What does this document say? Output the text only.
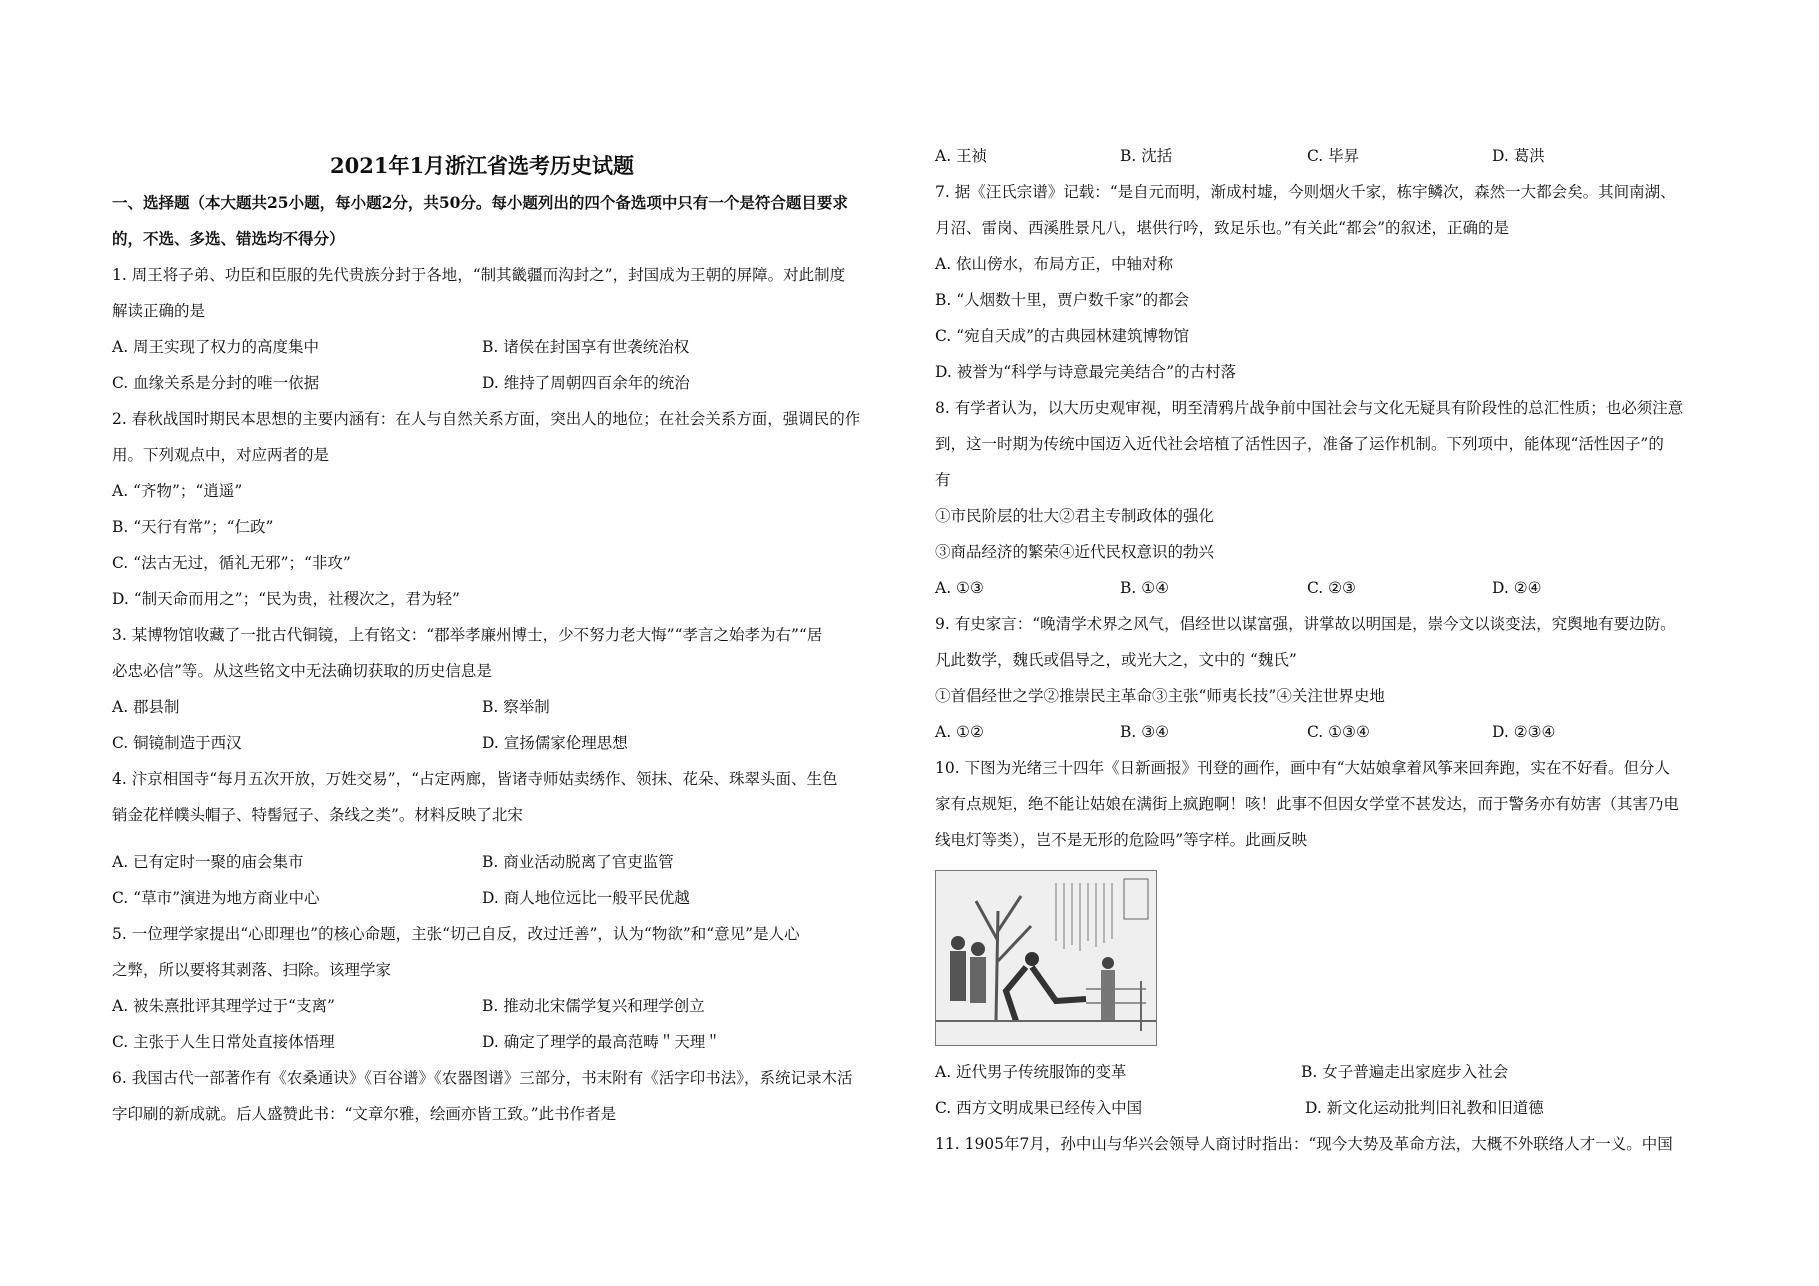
2021年1月浙江省选考历史试题
一、选择题（本大题共25小题，每小题2分，共50分。每小题列出的四个备选项中只有一个是符合题目要求
的，不选、多选、错选均不得分）
1. 周王将子弟、功臣和臣服的先代贵族分封于各地，“制其畿疆而沟封之”，封国成为王朝的屏障。对此制度
解读正确的是
A. 周王实现了权力的高度集中	B. 诸侯在封国享有世袭统治权
C. 血缘关系是分封的唯一依据	D. 维持了周朝四百余年的统治
2. 春秋战国时期民本思想的主要内涵有：在人与自然关系方面，突出人的地位；在社会关系方面，强调民的作
用。下列观点中，对应两者的是
A. “齐物”；“逍遥”
B. “天行有常”；“仁政”
C. “法古无过，循礼无邪”；“非攻”
D. “制天命而用之”；“民为贵，社稷次之，君为轻”
3. 某博物馆收藏了一批古代铜镜，上有铭文：“郡举孝廉州博士，少不努力老大悔”“孝言之始孝为右”“居
必忠必信”等。从这些铭文中无法确切获取的历史信息是
A. 郡县制	B. 察举制
C. 铜镜制造于西汉	D. 宣扬儒家伦理思想
4. 汴京相国寺“每月五次开放，万姓交易”，“占定两廊，皆诸寺师姑卖绣作、领抹、花朵、珠翠头面、生色
销金花样幞头帽子、特髻冠子、条线之类”。材料反映了北宋
A. 已有定时一聚的庙会集市	B. 商业活动脱离了官吏监管
C. “草市”演进为地方商业中心	D. 商人地位远比一般平民优越
5. 一位理学家提出“心即理也”的核心命题，主张“切己自反，改过迁善”，认为“物欲”和“意见”是人心
之弊，所以要将其剥落、扫除。该理学家
A. 被朱熹批评其理学过于“支离”	B. 推动北宋儒学复兴和理学创立
C. 主张于人生日常处直接体悟理	D. 确定了理学的最高范畴＂天理＂
6. 我国古代一部著作有《农桑通诀》《百谷谱》《农器图谱》三部分，书末附有《活字印书法》，系统记录木活
字印刷的新成就。后人盛赞此书：“文章尔雅，绘画亦皆工致。”此书作者是
A. 王祯	B. 沈括	C. 毕昇	D. 葛洪
7. 据《汪氏宗谱》记载：“是自元而明，渐成村墟，今则烟火千家，栋宇鳞次，森然一大都会矣。其间南湖、
月沼、雷岗、西溪胜景凡八，堪供行吟，致足乐也。”有关此“都会”的叙述，正确的是
A. 依山傍水，布局方正，中轴对称
B. “人烟数十里，贾户数千家”的都会
C. “宛自天成”的古典园林建筑博物馆
D. 被誉为“科学与诗意最完美结合”的古村落
8. 有学者认为，以大历史观审视，明至清鸦片战争前中国社会与文化无疑具有阶段性的总汇性质；也必须注意
到，这一时期为传统中国迈入近代社会培植了活性因子，准备了运作机制。下列项中，能体现“活性因子”的
有
①市民阶层的壮大②君主专制政体的强化
③商品经济的繁荣④近代民权意识的勃兴
A. ①③	B. ①④	C. ②③	D. ②④
9. 有史家言：“晚清学术界之风气，倡经世以谋富强，讲掌故以明国是，崇今文以谈变法，究舆地有要边防。
凡此数学，魏氏或倡导之，或光大之，文中的 “魏氏”
①首倡经世之学②推崇民主革命③主张“师夷长技”④关注世界史地
A. ①②	B. ③④	C. ①③④	D. ②③④
10. 下图为光绪三十四年《日新画报》刊登的画作，画中有“大姑娘拿着风筝来回奔跑，实在不好看。但分人
家有点规矩，绝不能让姑娘在满街上疯跑啊！咳！此事不但因女学堂不甚发达，而于警务亦有妨害（其害乃电
线电灯等类），岂不是无形的危险吗”等字样。此画反映
A. 近代男子传统服饰的变革	B. 女子普遍走出家庭步入社会
C. 西方文明成果已经传入中国	D. 新文化运动批判旧礼教和旧道德
11. 1905年7月，孙中山与华兴会领导人商讨时指出：“现今大势及革命方法，大概不外联络人才一义。中国
